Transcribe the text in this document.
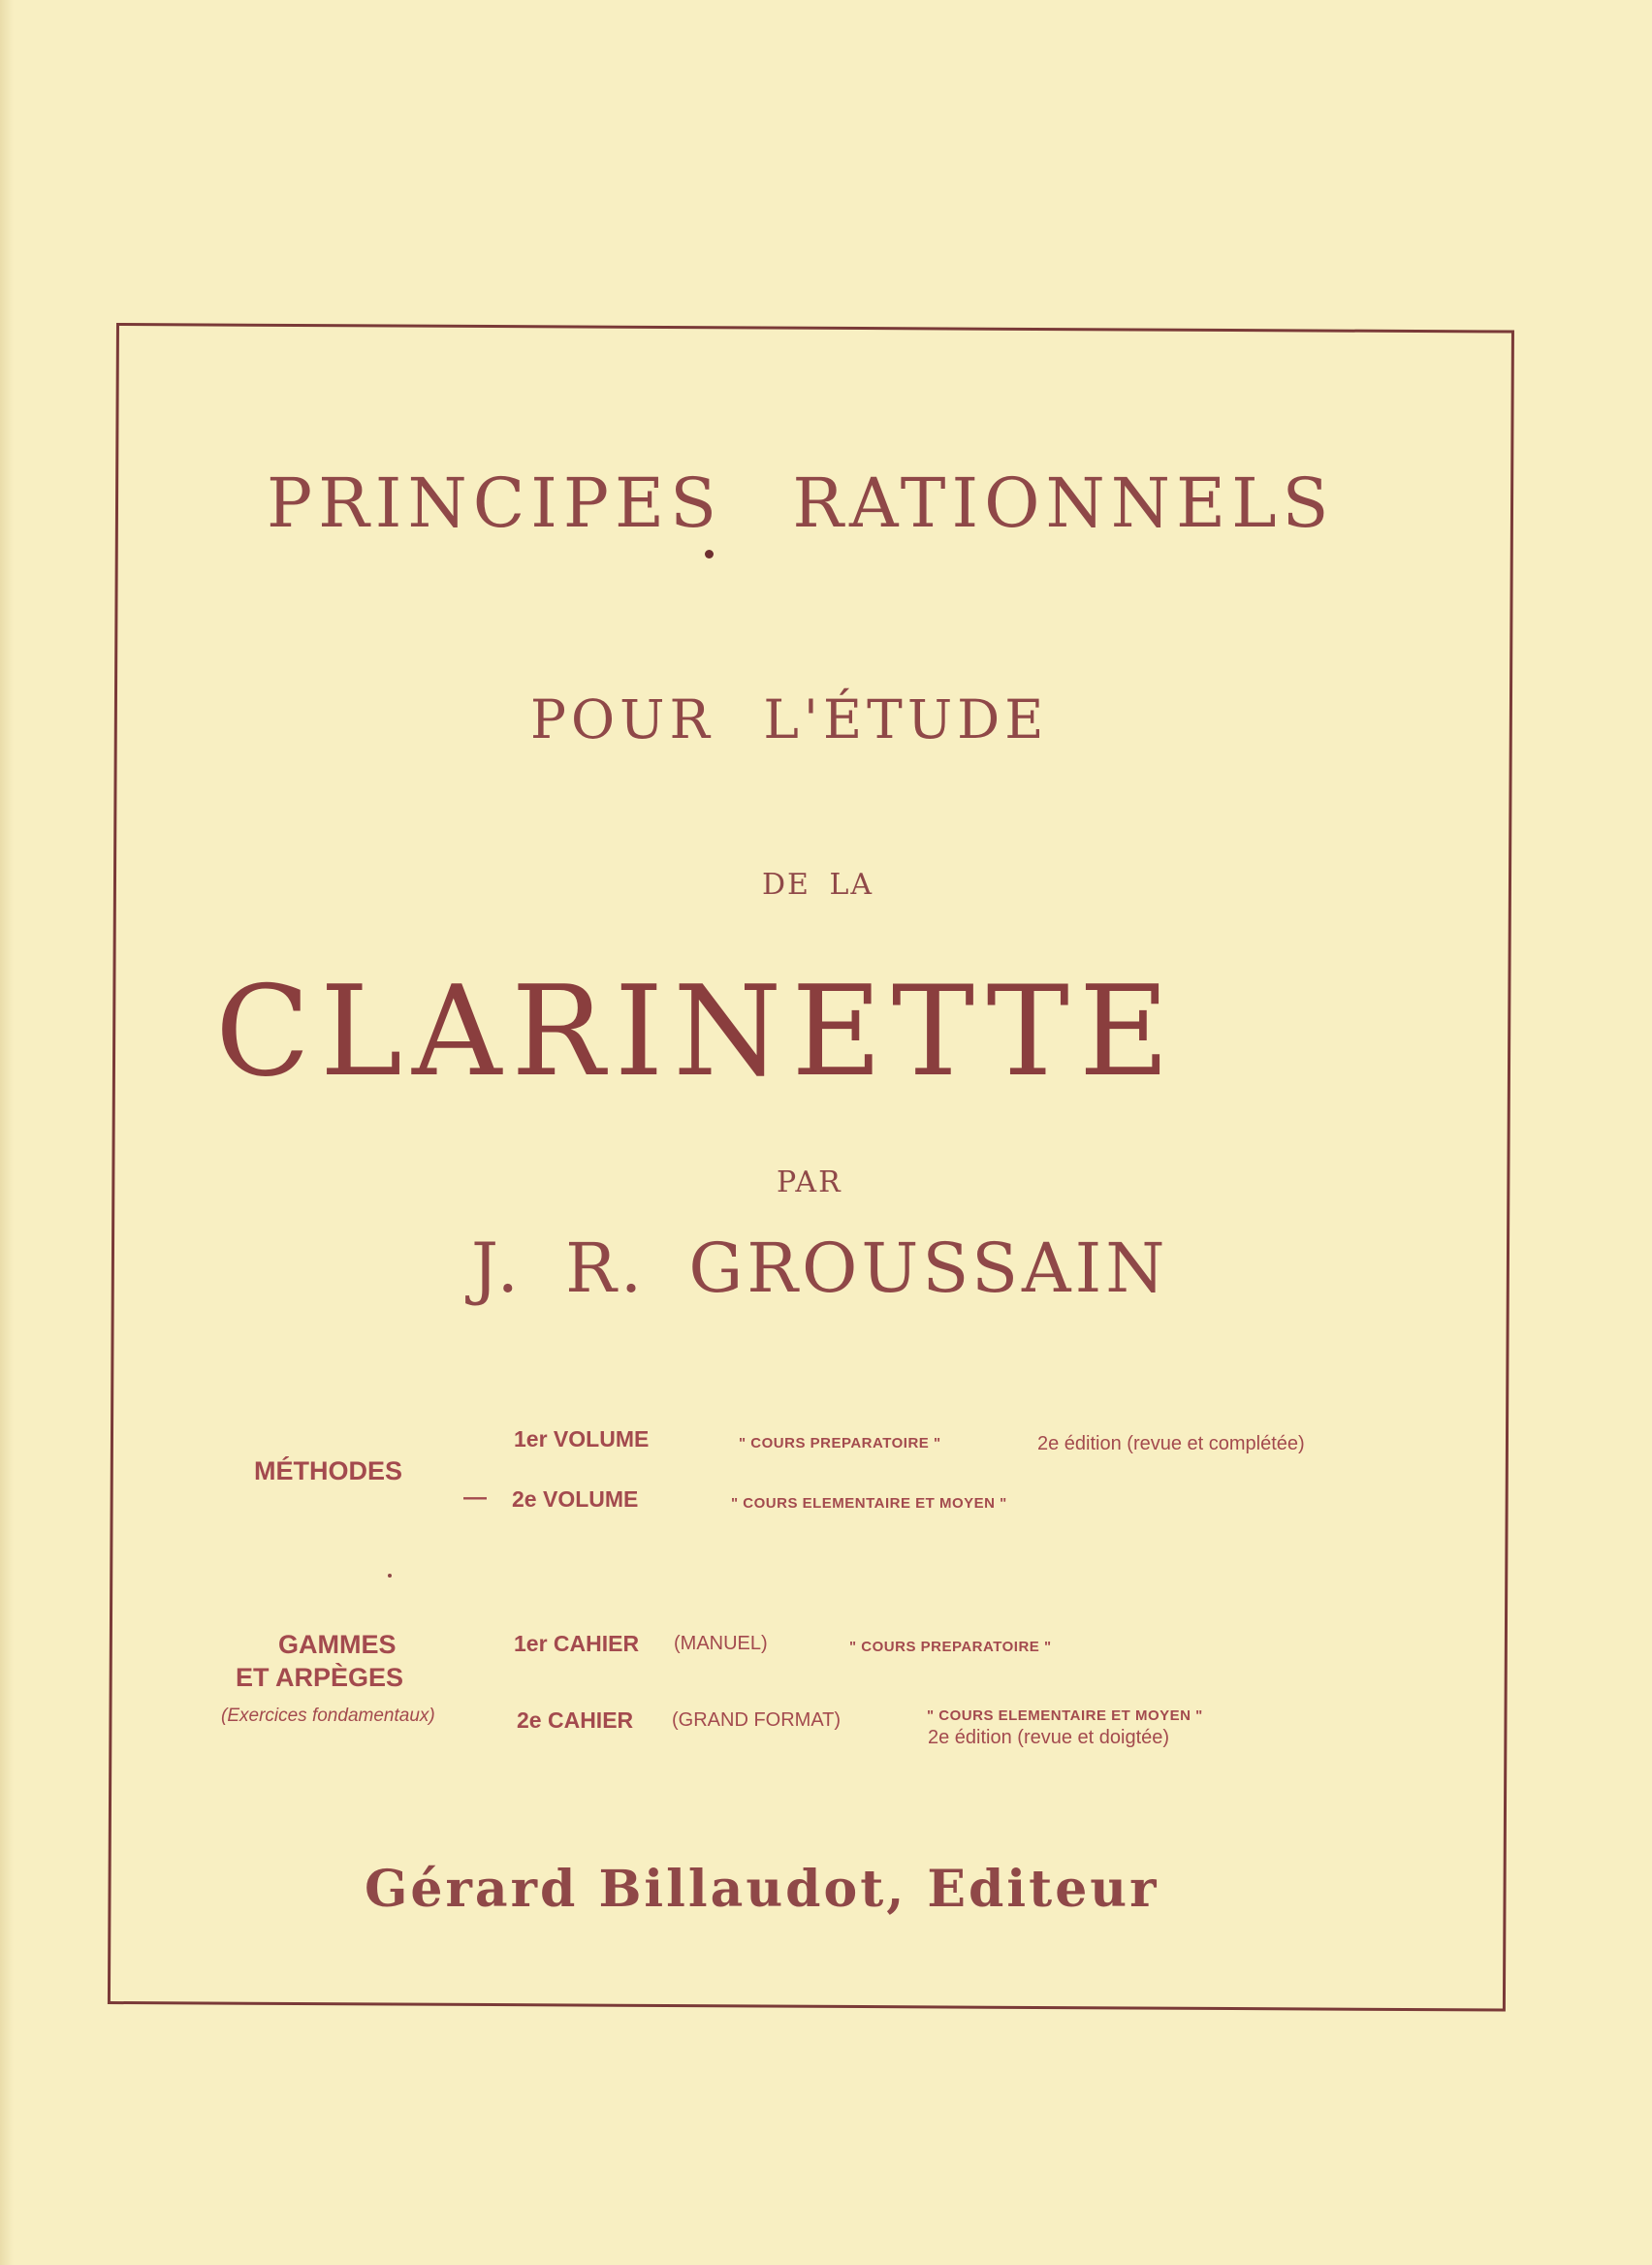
PRINCIPES RATIONNELS
POUR L'ÉTUDE
DE LA
CLARINETTE
PAR
J. R. GROUSSAIN
MÉTHODES
1er VOLUME	" COURS PREPARATOIRE "	2e édition (revue et complétée)
— 2e VOLUME	" COURS ELEMENTAIRE ET MOYEN "
GAMMES
ET ARPÈGES
(Exercices fondamentaux)
1er CAHIER (MANUEL)	" COURS PREPARATOIRE "
2e CAHIER (GRAND FORMAT)	" COURS ELEMENTAIRE ET MOYEN "
2e édition (revue et doigtée)
Gérard Billaudot, Editeur
